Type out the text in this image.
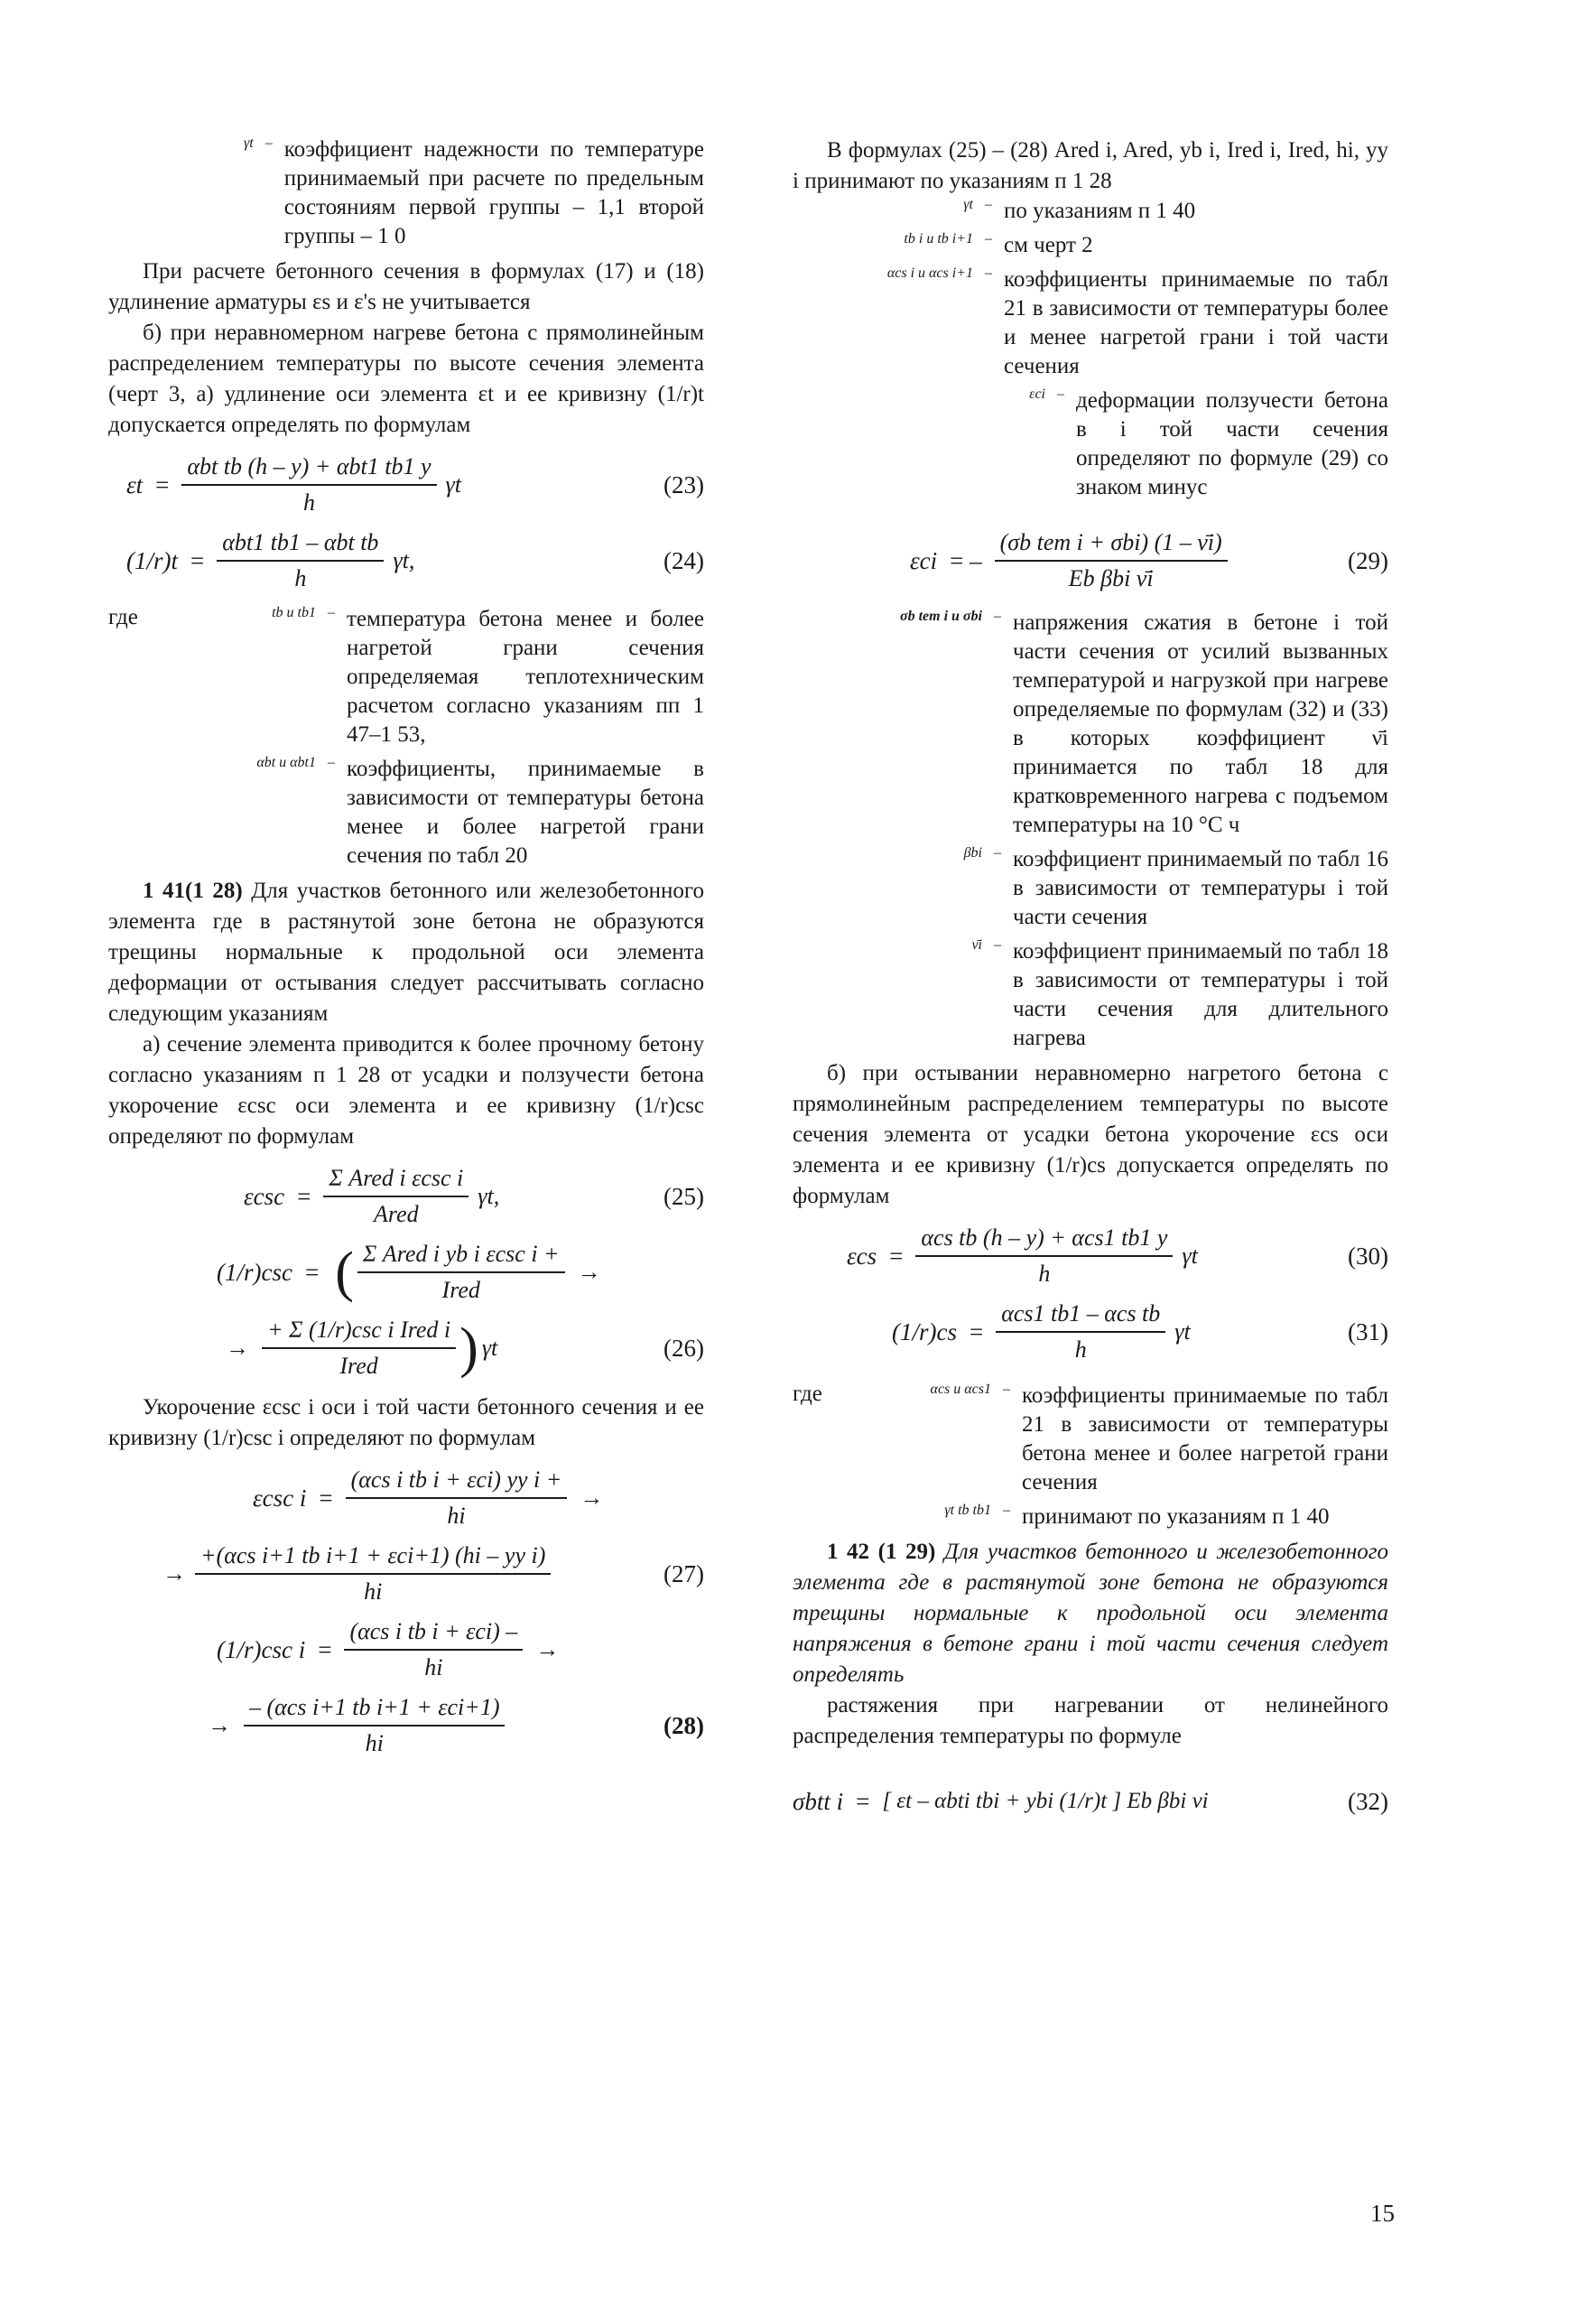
γt – коэффициент надежности по температуре принимаемый при расчете по предельным состояниям первой группы – 1,1 второй группы – 1 0

При расчете бетонного сечения в формулах (17) и (18) удлинение арматуры εs и ε's не учитывается

б) при неравномерном нагреве бетона с прямолинейным распределением температуры по высоте сечения элемента (черт 3, а) удлинение оси элемента εt и ее кривизну (1/r)t допускается определять по формулам

$\varepsilon t = \frac{\text{αbt tb (h – y) + αbt1 tb1 y}}{h}$ γt	(23)
$(1/r)t = \frac{\text{αbt1 tb1 – αbt tb}}{h} \gamma t$,	(24)
где	tb и tb1 – температура бетона менее и более нагретой грани сечения определяемая теплотехническим расчетом согласно указаниям пп 1 47–1 53,
αbt и αbt1 – коэффициенты, принимаемые в зависимости от температуры бетона менее и более нагретой грани сечения по табл 20

1 41(1 28) Для участков бетонного или железобетонного элемента где в растянутой зоне бетона не образуются трещины нормальные к продольной оси элемента деформации от остывания следует рассчитывать согласно следующим указаниям

а) сечение элемента приводится к более прочному бетону согласно указаниям п 1 28 от усадки и ползучести бетона укорочение εcsc оси элемента и ее кривизну (1/r)csc определяют по формулам

$\varepsilon\csc = \frac{\text{Σ Ared i εcsc i}}{\text{Ared}} \gamma t$,	(25)
(1/r)csc = ( $\frac{\text{Σ Ared i yb i εcsc i +}}{\text{Ired}}$ →
→ $\frac{\text{+ Σ (1/r)csc i Ired i}}{\text{Ired}}$ ) γt	(26)

Укорочение εcsc i оси i той части бетонного сечения и ее кривизну (1/r)csc i определяют по формулам

εcsc $i = \frac{\text{(αcs i tb i + εci) yy i +}}{hi}$ →
→ $\frac{\text{+(αcs i+1 tb i+1 + εci+1) (hi – yy i)}}{hi}$	(27)
(1/r)csc $i = \frac{\text{(αcs i tb i + εci) –}}{hi}$ →
→ $\frac{\text{– (αcs i+1 tb i+1 + εci+1)}}{hi}$	(28)

В формулах (25) – (28) Ared i, Ared, yb i, Ired i, Ired, hi, yy i принимают по указаниям п 1 28

γt – по указаниям п 1 40
tb i и tb i+1 – см черт 2
αcs i и αcs i+1 – коэффициенты принимаемые по табл 21 в зависимости от температуры более и менее нагретой грани i той части сечения
εci – деформации ползучести бетона в i той части сечения определяют по формуле (29) со знаком минус
εci = – $\frac{\text{(σb tem i + σbi) (1 – ν̄i)}}{\text{Eb βbi ν̄i}}$	(29)
σb tem i и σbi – напряжения сжатия в бетоне i той части сечения от усилий вызванных температурой и нагрузкой при нагреве определяемые по формулам (32) и (33) в которых коэффициент ν̄i принимается по табл 18 для кратковременного нагрева с подъемом температуры на 10 °С ч
βbi – коэффициент принимаемый по табл 16 в зависимости от температуры i той части сечения
ν̄i – коэффициент принимаемый по табл 18 в зависимости от температуры i той части сечения для длительного нагрева

б) при остывании неравномерно нагретого бетона с прямолинейным распределением температуры по высоте сечения элемента от усадки бетона укорочение εcs оси элемента и ее кривизну (1/r)cs допускается определять по формулам

$\varepsilon cs = \frac{\text{αcs tb (h – y) + αcs1 tb1 y}}{h}$ γt	(30)
$(1/r)cs = \frac{\text{αcs1 tb1 – αcs tb}}{h}$ γt	(31)
где	αcs и αcs1 – коэффициенты принимаемые по табл 21 в зависимости от температуры бетона менее и более нагретой грани сечения
γt tb tb1 – принимают по указаниям п 1 40

1 42 (1 29) Для участков бетонного и железобетонного элемента где в растянутой зоне бетона не образуются трещины нормальные к продольной оси элемента напряжения в бетоне грани i той части сечения следует определять

растяжения при нагревании от нелинейного распределения температуры по формуле

σbtt i = [ εt – αbti tbi + ybi (1/r)t ] Eb βbi νi	(32)
15
